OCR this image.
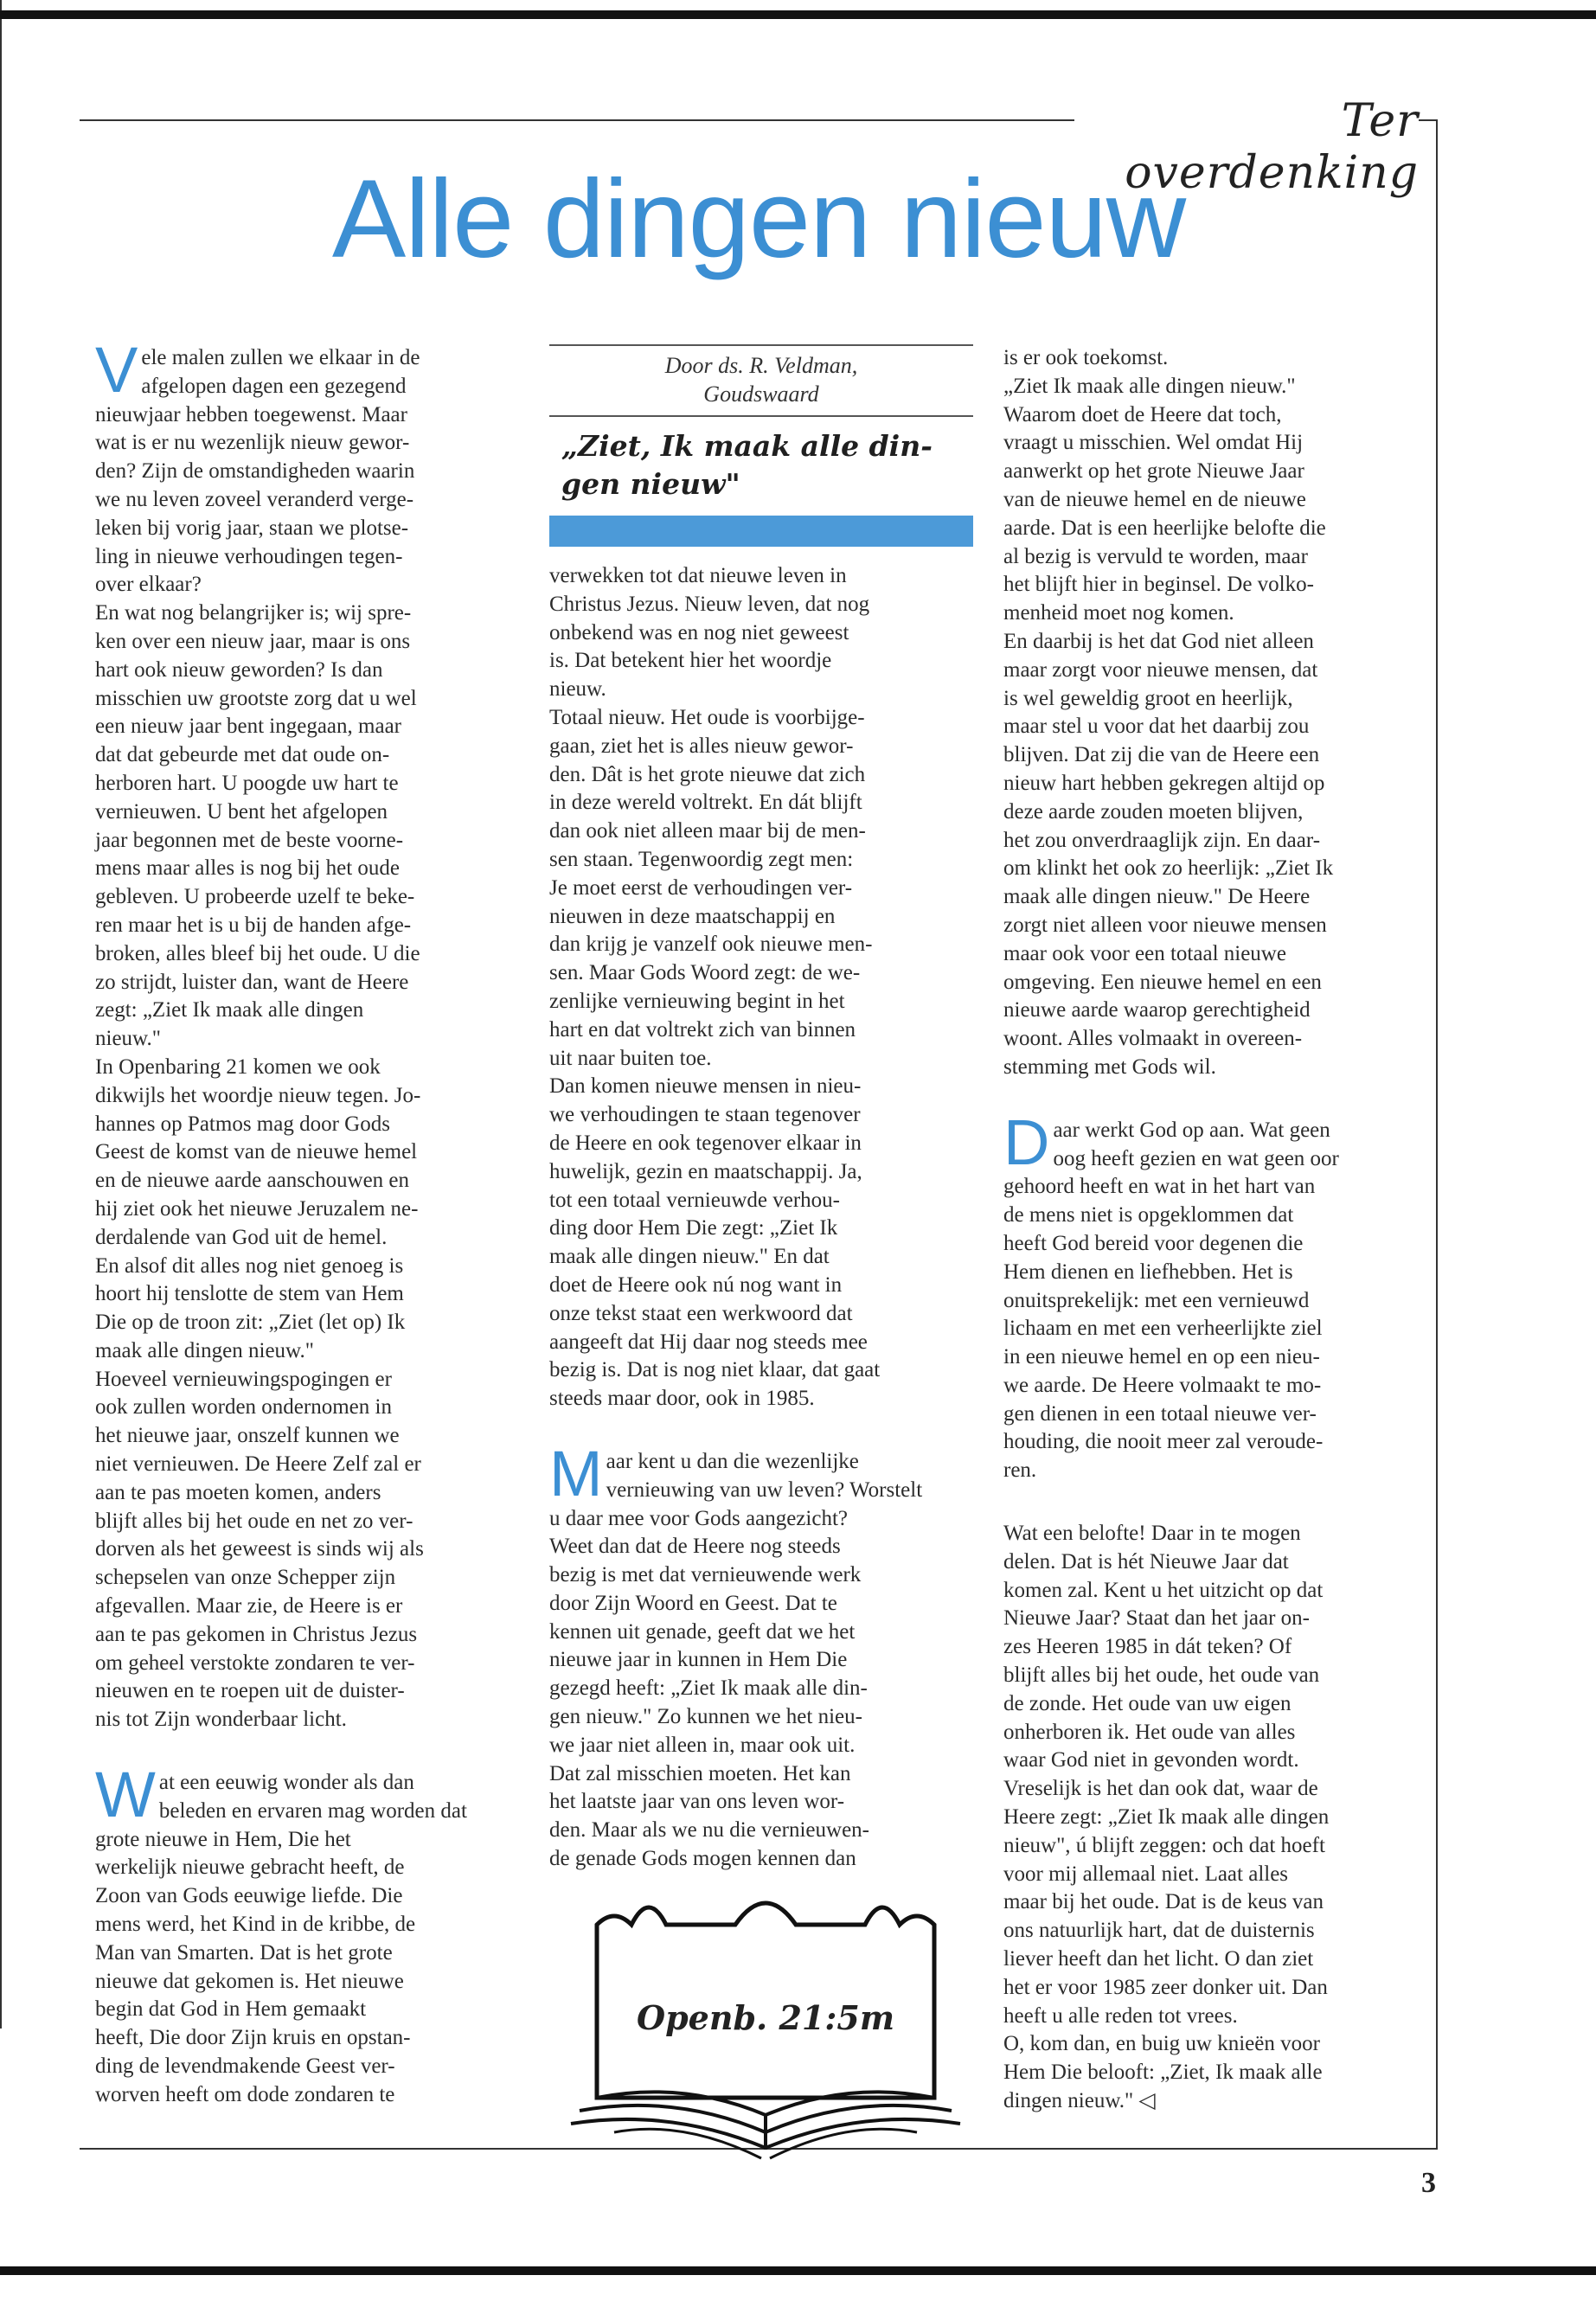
Ter overdenking
Alle dingen nieuw

Vele malen zullen we elkaar in de
afgelopen dagen een gezegend
nieuwjaar hebben toegewenst. Maar
wat is er nu wezenlijk nieuw gewor-
den? Zijn de omstandigheden waarin
we nu leven zoveel veranderd verge-
leken bij vorig jaar, staan we plotse-
ling in nieuwe verhoudingen tegen-
over elkaar?

En wat nog belangrijker is; wij spre-
ken over een nieuw jaar, maar is ons
hart ook nieuw geworden? Is dan
misschien uw grootste zorg dat u wel
een nieuw jaar bent ingegaan, maar
dat dat gebeurde met dat oude on-
herboren hart. U poogde uw hart te
vernieuwen. U bent het afgelopen
jaar begonnen met de beste voorne-
mens maar alles is nog bij het oude
gebleven. U probeerde uzelf te beke-
ren maar het is u bij de handen afge-
broken, alles bleef bij het oude. U die
zo strijdt, luister dan, want de Heere
zegt: „Ziet Ik maak alle dingen
nieuw."

In Openbaring 21 komen we ook
dikwijls het woordje nieuw tegen. Jo-
hannes op Patmos mag door Gods
Geest de komst van de nieuwe hemel
en de nieuwe aarde aanschouwen en
hij ziet ook het nieuwe Jeruzalem ne-
derdalende van God uit de hemel.
En alsof dit alles nog niet genoeg is
hoort hij tenslotte de stem van Hem
Die op de troon zit: „Ziet (let op) Ik
maak alle dingen nieuw."

Hoeveel vernieuwingspogingen er
ook zullen worden ondernomen in
het nieuwe jaar, onszelf kunnen we
niet vernieuwen. De Heere Zelf zal er
aan te pas moeten komen, anders
blijft alles bij het oude en net zo ver-
dorven als het geweest is sinds wij als
schepselen van onze Schepper zijn
afgevallen. Maar zie, de Heere is er
aan te pas gekomen in Christus Jezus
om geheel verstokte zondaren te ver-
nieuwen en te roepen uit de duister-
nis tot Zijn wonderbaar licht.

Wat een eeuwig wonder als dan
beleden en ervaren mag worden dat
grote nieuwe in Hem, Die het
werkelijk nieuwe gebracht heeft, de
Zoon van Gods eeuwige liefde. Die
mens werd, het Kind in de kribbe, de
Man van Smarten. Dat is het grote
nieuwe dat gekomen is. Het nieuwe
begin dat God in Hem gemaakt
heeft, Die door Zijn kruis en opstan-
ding de levendmakende Geest ver-
worven heeft om dode zondaren te

Door ds. R. Veldman,
Goudswaard
„Ziet, Ik maak alle din-
gen nieuw"

verwekken tot dat nieuwe leven in
Christus Jezus. Nieuw leven, dat nog
onbekend was en nog niet geweest
is. Dat betekent hier het woordje
nieuw.

Totaal nieuw. Het oude is voorbijge-
gaan, ziet het is alles nieuw gewor-
den. Dât is het grote nieuwe dat zich
in deze wereld voltrekt. En dát blijft
dan ook niet alleen maar bij de men-
sen staan. Tegenwoordig zegt men:
Je moet eerst de verhoudingen ver-
nieuwen in deze maatschappij en
dan krijg je vanzelf ook nieuwe men-
sen. Maar Gods Woord zegt: de we-
zenlijke vernieuwing begint in het
hart en dat voltrekt zich van binnen
uit naar buiten toe.

Dan komen nieuwe mensen in nieu-
we verhoudingen te staan tegenover
de Heere en ook tegenover elkaar in
huwelijk, gezin en maatschappij. Ja,
tot een totaal vernieuwde verhou-
ding door Hem Die zegt: „Ziet Ik
maak alle dingen nieuw." En dat
doet de Heere ook nú nog want in
onze tekst staat een werkwoord dat
aangeeft dat Hij daar nog steeds mee
bezig is. Dat is nog niet klaar, dat gaat
steeds maar door, ook in 1985.

Maar kent u dan die wezenlijke
vernieuwing van uw leven? Worstelt
u daar mee voor Gods aangezicht?
Weet dan dat de Heere nog steeds
bezig is met dat vernieuwende werk
door Zijn Woord en Geest. Dat te
kennen uit genade, geeft dat we het
nieuwe jaar in kunnen in Hem Die
gezegd heeft: „Ziet Ik maak alle din-
gen nieuw." Zo kunnen we het nieu-
we jaar niet alleen in, maar ook uit.
Dat zal misschien moeten. Het kan
het laatste jaar van ons leven wor-
den. Maar als we nu die vernieuwen-
de genade Gods mogen kennen dan

Openb. 21:5m

is er ook toekomst.
„Ziet Ik maak alle dingen nieuw."
Waarom doet de Heere dat toch,
vraagt u misschien. Wel omdat Hij
aanwerkt op het grote Nieuwe Jaar
van de nieuwe hemel en de nieuwe
aarde. Dat is een heerlijke belofte die
al bezig is vervuld te worden, maar
het blijft hier in beginsel. De volko-
menheid moet nog komen.

En daarbij is het dat God niet alleen
maar zorgt voor nieuwe mensen, dat
is wel geweldig groot en heerlijk,
maar stel u voor dat het daarbij zou
blijven. Dat zij die van de Heere een
nieuw hart hebben gekregen altijd op
deze aarde zouden moeten blijven,
het zou onverdraaglijk zijn. En daar-
om klinkt het ook zo heerlijk: „Ziet Ik
maak alle dingen nieuw." De Heere
zorgt niet alleen voor nieuwe mensen
maar ook voor een totaal nieuwe
omgeving. Een nieuwe hemel en een
nieuwe aarde waarop gerechtigheid
woont. Alles volmaakt in overeen-
stemming met Gods wil.

Daar werkt God op aan. Wat geen
oog heeft gezien en wat geen oor
gehoord heeft en wat in het hart van
de mens niet is opgeklommen dat
heeft God bereid voor degenen die
Hem dienen en liefhebben. Het is
onuitsprekelijk: met een vernieuwd
lichaam en met een verheerlijkte ziel
in een nieuwe hemel en op een nieu-
we aarde. De Heere volmaakt te mo-
gen dienen in een totaal nieuwe ver-
houding, die nooit meer zal veroude-
ren.

Wat een belofte! Daar in te mogen
delen. Dat is hét Nieuwe Jaar dat
komen zal. Kent u het uitzicht op dat
Nieuwe Jaar? Staat dan het jaar on-
zes Heeren 1985 in dát teken? Of
blijft alles bij het oude, het oude van
de zonde. Het oude van uw eigen
onherboren ik. Het oude van alles
waar God niet in gevonden wordt.
Vreselijk is het dan ook dat, waar de
Heere zegt: „Ziet Ik maak alle dingen
nieuw", ú blijft zeggen: och dat hoeft
voor mij allemaal niet. Laat alles
maar bij het oude. Dat is de keus van
ons natuurlijk hart, dat de duisternis
liever heeft dan het licht. O dan ziet
het er voor 1985 zeer donker uit. Dan
heeft u alle reden tot vrees.
O, kom dan, en buig uw knieën voor
Hem Die belooft: „Ziet, Ik maak alle
dingen nieuw." ◁

3
